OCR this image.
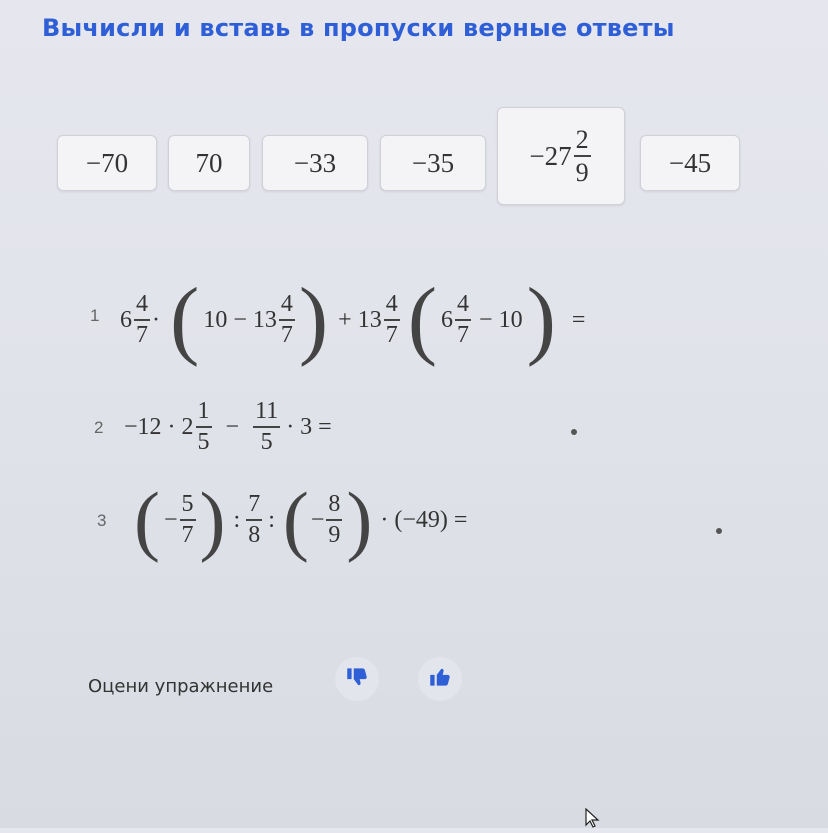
Вычисли и вставь в пропуски верные ответы
−70 70	−33	−35	$-27 \frac{2}{9}$	−45
1 $6 \frac{4}{7}$ · ( $10 - 13 \frac{4}{7}$ ) + $13 \frac{4}{7}$ ( $6 \frac{4}{7} - 10$ ) =
$2 -12 \cdot 2 \frac{1}{5} - \frac{11}{5} \cdot 3$ =
3 ( − $\frac{5}{7}$ ) : $\frac{7}{8}$ : ( − $\frac{8}{9}$ ) · (−49) =
Оцени упражнение
